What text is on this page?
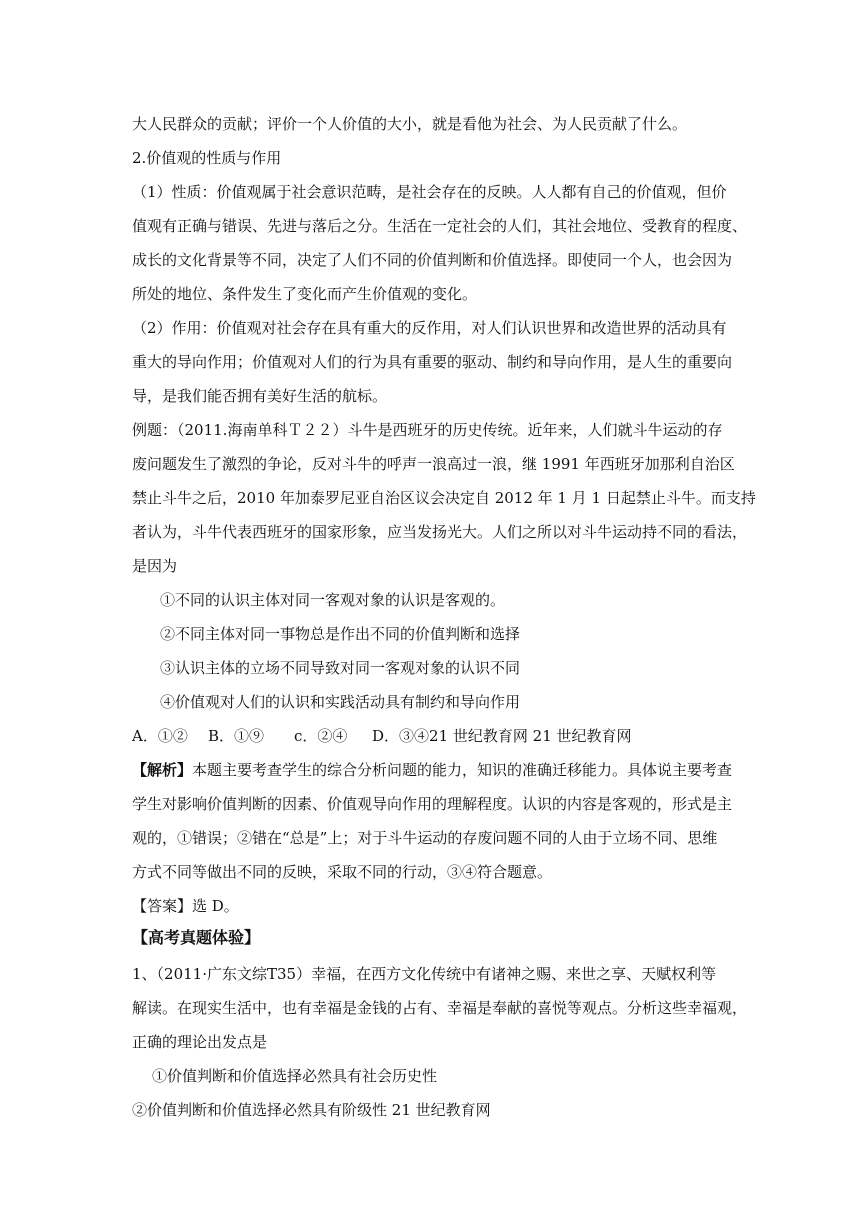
大人民群众的贡献；评价一个人价值的大小，就是看他为社会、为人民贡献了什么。
2.价值观的性质与作用
（1）性质：价值观属于社会意识范畴，是社会存在的反映。人人都有自己的价值观，但价
值观有正确与错误、先进与落后之分。生活在一定社会的人们，其社会地位、受教育的程度、
成长的文化背景等不同，决定了人们不同的价值判断和价值选择。即使同一个人，也会因为
所处的地位、条件发生了变化而产生价值观的变化。
（2）作用：价值观对社会存在具有重大的反作用，对人们认识世界和改造世界的活动具有
重大的导向作用；价值观对人们的行为具有重要的驱动、制约和导向作用，是人生的重要向
导，是我们能否拥有美好生活的航标。
例题：（2011.海南单科Ｔ２２）斗牛是西班牙的历史传统。近年来，人们就斗牛运动的存
废问题发生了激烈的争论，反对斗牛的呼声一浪高过一浪，继 1991 年西班牙加那利自治区
禁止斗牛之后，2010 年加泰罗尼亚自治区议会决定自 2012 年 1 月 1 日起禁止斗牛。而支持
者认为，斗牛代表西班牙的国家形象，应当发扬光大。人们之所以对斗牛运动持不同的看法，
是因为
①不同的认识主体对同一客观对象的认识是客观的。
②不同主体对同一事物总是作出不同的价值判断和选择
③认识主体的立场不同导致对同一客观对象的认识不同
④价值观对人们的认识和实践活动具有制约和导向作用
A．①② B．①⑨ c．②④ D．③④21 世纪教育网 21 世纪教育网
【解析】本题主要考查学生的综合分析问题的能力，知识的准确迁移能力。具体说主要考查
学生对影响价值判断的因素、价值观导向作用的理解程度。认识的内容是客观的，形式是主
观的，①错误；②错在“总是”上；对于斗牛运动的存废问题不同的人由于立场不同、思维
方式不同等做出不同的反映，采取不同的行动，③④符合题意。
【答案】选 D。
【高考真题体验】
1、（2011·广东文综T35）幸福，在西方文化传统中有诸神之赐、来世之享、天赋权利等
解读。在现实生活中，也有幸福是金钱的占有、幸福是奉献的喜悦等观点。分析这些幸福观，
正确的理论出发点是
①价值判断和价值选择必然具有社会历史性
②价值判断和价值选择必然具有阶级性 21 世纪教育网
